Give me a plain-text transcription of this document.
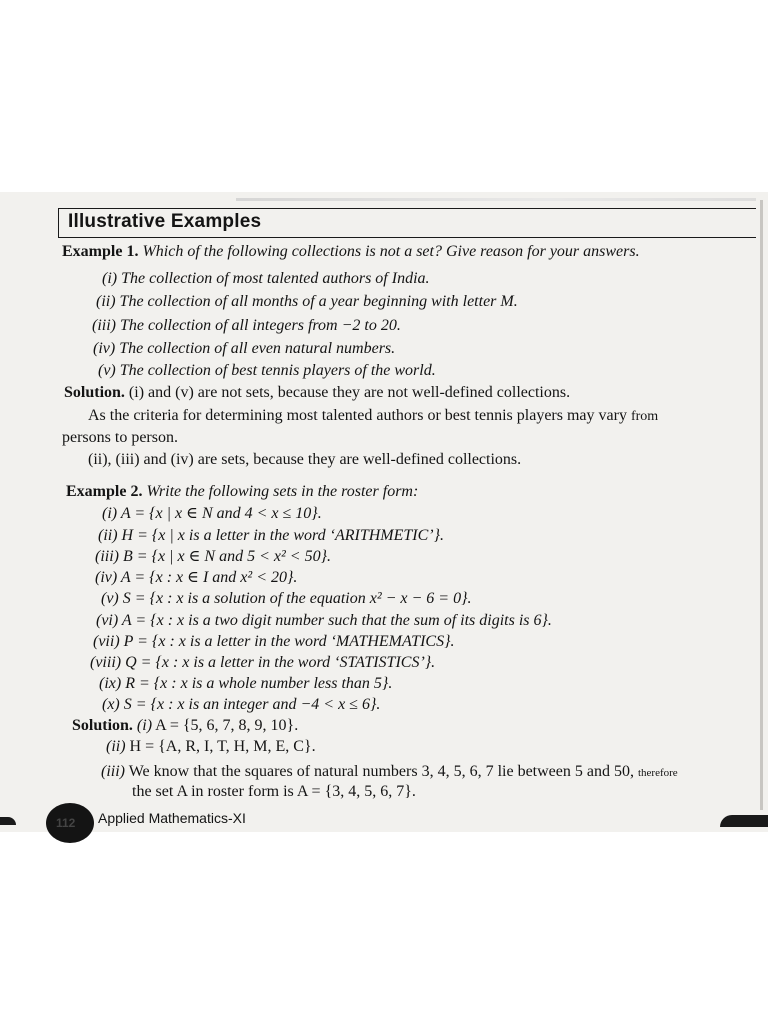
Illustrative Examples
Example 1. Which of the following collections is not a set? Give reason for your answers.
(i) The collection of most talented authors of India.
(ii) The collection of all months of a year beginning with letter M.
(iii) The collection of all integers from −2 to 20.
(iv) The collection of all even natural numbers.
(v) The collection of best tennis players of the world.
Solution. (i) and (v) are not sets, because they are not well-defined collections.
As the criteria for determining most talented authors or best tennis players may vary from
persons to person.
(ii), (iii) and (iv) are sets, because they are well-defined collections.
Example 2. Write the following sets in the roster form:
(i) A = {x | x ∈ N and 4 < x ≤ 10}.
(ii) H = {x | x is a letter in the word ‘ARITHMETIC’}.
(iii) B = {x | x ∈ N and 5 < x² < 50}.
(iv) A = {x : x ∈ I and x² < 20}.
(v) S = {x : x is a solution of the equation x² − x − 6 = 0}.
(vi) A = {x : x is a two digit number such that the sum of its digits is 6}.
(vii) P = {x : x is a letter in the word ‘MATHEMATICS}.
(viii) Q = {x : x is a letter in the word ‘STATISTICS’}.
(ix) R = {x : x is a whole number less than 5}.
(x) S = {x : x is an integer and −4 < x ≤ 6}.
Solution. (i) A = {5, 6, 7, 8, 9, 10}.
(ii) H = {A, R, I, T, H, M, E, C}.
(iii) We know that the squares of natural numbers 3, 4, 5, 6, 7 lie between 5 and 50, therefore
the set A in roster form is A = {3, 4, 5, 6, 7}.
112 Applied Mathematics-XI
